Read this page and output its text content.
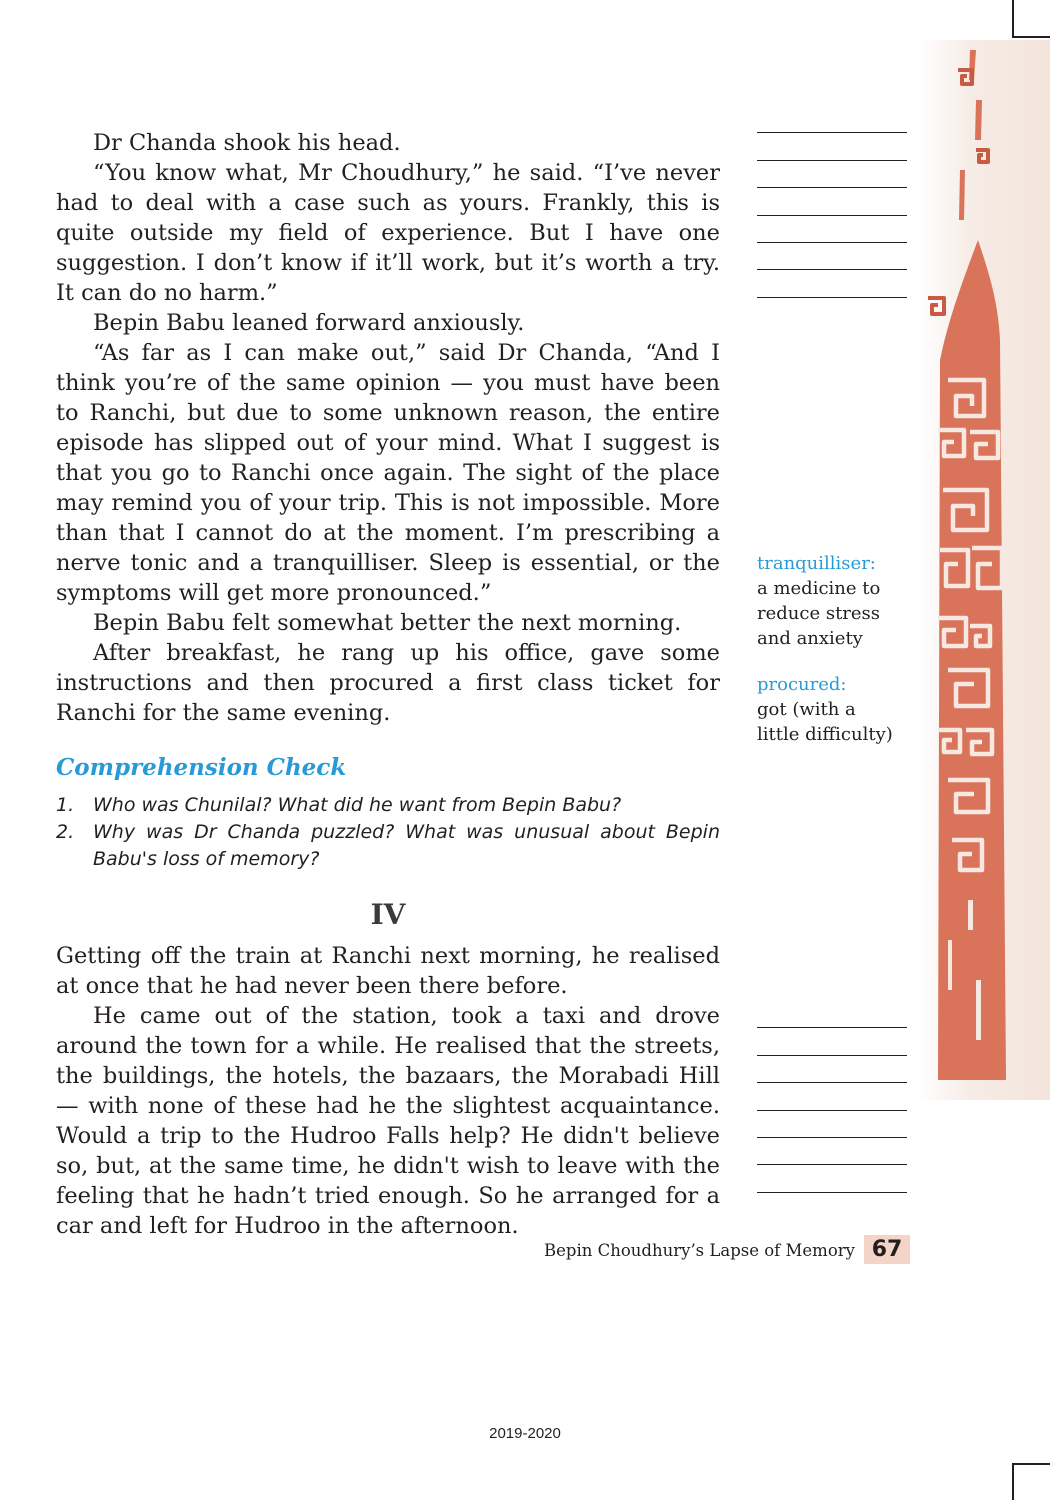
Dr Chanda shook his head.

“You know what, Mr Choudhury,” he said. “I’ve never had to deal with a case such as yours. Frankly, this is quite outside my field of experience. But I have one suggestion. I don’t know if it’ll work, but it’s worth a try. It can do no harm.”

Bepin Babu leaned forward anxiously.

“As far as I can make out,” said Dr Chanda, “And I think you’re of the same opinion — you must have been to Ranchi, but due to some unknown reason, the entire episode has slipped out of your mind. What I suggest is that you go to Ranchi once again. The sight of the place may remind you of your trip. This is not impossible. More than that I cannot do at the moment. I’m prescribing a nerve tonic and a tranquilliser. Sleep is essential, or the symptoms will get more pronounced.”

Bepin Babu felt somewhat better the next morning.

After breakfast, he rang up his office, gave some instructions and then procured a first class ticket for Ranchi for the same evening.

tranquilliser:
a medicine to
reduce stress
and anxiety
procured:
got (with a
little difficulty)
Comprehension Check
1. Who was Chunilal? What did he want from Bepin Babu?
2. Why was Dr Chanda puzzled? What was unusual about Bepin Babu's loss of memory?
IV

Getting off the train at Ranchi next morning, he realised at once that he had never been there before.

He came out of the station, took a taxi and drove around the town for a while. He realised that the streets, the buildings, the hotels, the bazaars, the Morabadi Hill — with none of these had he the slightest acquaintance. Would a trip to the Hudroo Falls help? He didn't believe so, but, at the same time, he didn't wish to leave with the feeling that he hadn’t tried enough. So he arranged for a car and left for Hudroo in the afternoon.

Bepin Choudhury’s Lapse of Memory 67
2019-2020
